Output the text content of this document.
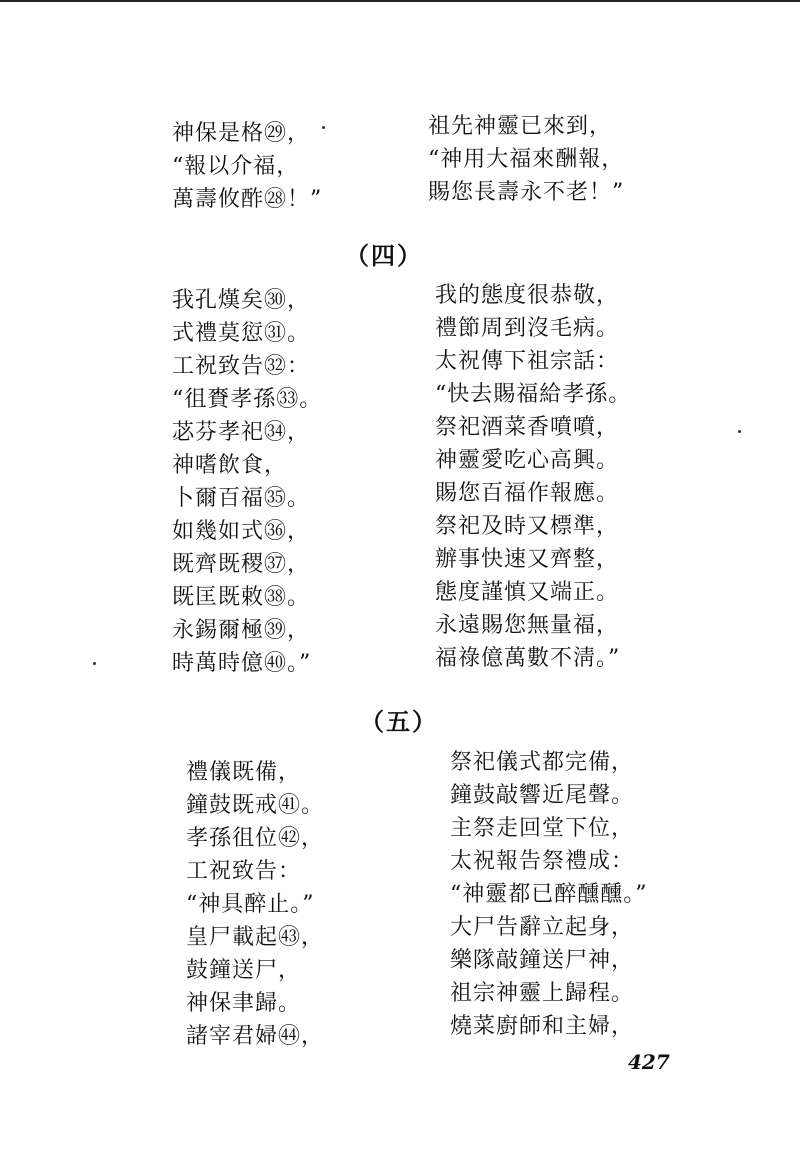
神保是格㉙，
“報以介福，
萬壽攸酢㉘！”
祖先神靈已來到，
“神用大福來酬報，
賜您長壽永不老！”
（四）
我孔熯矣㉚，
式禮莫愆㉛。
工祝致告㉜：
“徂賚孝孫㉝。
苾芬孝祀㉞，
神嗜飲食，
卜爾百福㉟。
如幾如式㊱，
既齊既稷㊲，
既匡既敕㊳。
永錫爾極㊴，
時萬時億㊵。”
我的態度很恭敬，
禮節周到沒毛病。
太祝傳下祖宗話：
“快去賜福給孝孫。
祭祀酒菜香噴噴，
神靈愛吃心高興。
賜您百福作報應。
祭祀及時又標準，
辦事快速又齊整，
態度謹慎又端正。
永遠賜您無量福，
福祿億萬數不淸。”
（五）
禮儀既備，
鐘鼓既戒㊶。
孝孫徂位㊷，
工祝致告：
“神具醉止。”
皇尸載起㊸，
鼓鐘送尸，
神保聿歸。
諸宰君婦㊹，
祭祀儀式都完備，
鐘鼓敲響近尾聲。
主祭走回堂下位，
太祝報告祭禮成：
“神靈都已醉醺醺。”
大尸告辭立起身，
樂隊敲鐘送尸神，
祖宗神靈上歸程。
燒菜廚師和主婦，
427
